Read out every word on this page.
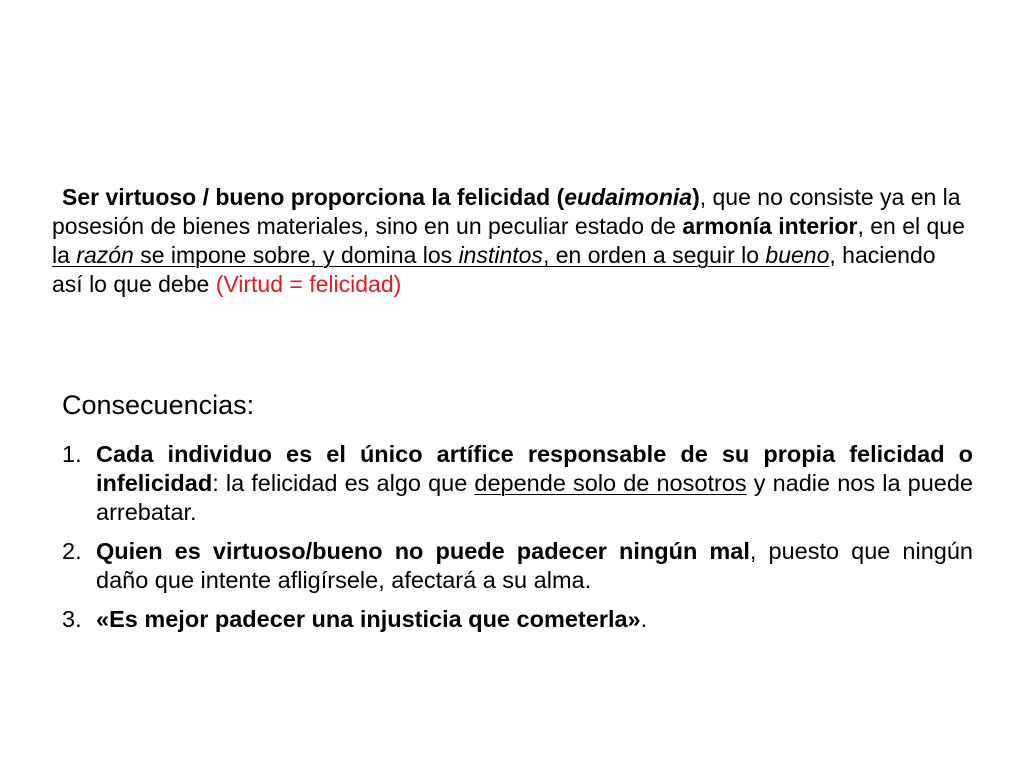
Ser virtuoso / bueno proporciona la felicidad (eudaimonia), que no consiste ya en la posesión de bienes materiales, sino en un peculiar estado de armonía interior, en el que la razón se impone sobre, y domina los instintos, en orden a seguir lo bueno, haciendo así lo que debe (Virtud = felicidad)

Consecuencias:
1. Cada individuo es el único artífice responsable de su propia felicidad o infelicidad: la felicidad es algo que depende solo de nosotros y nadie nos la puede arrebatar.
2. Quien es virtuoso/bueno no puede padecer ningún mal, puesto que ningún daño que intente afligírsele, afectará a su alma.
3. «Es mejor padecer una injusticia que cometerla».
